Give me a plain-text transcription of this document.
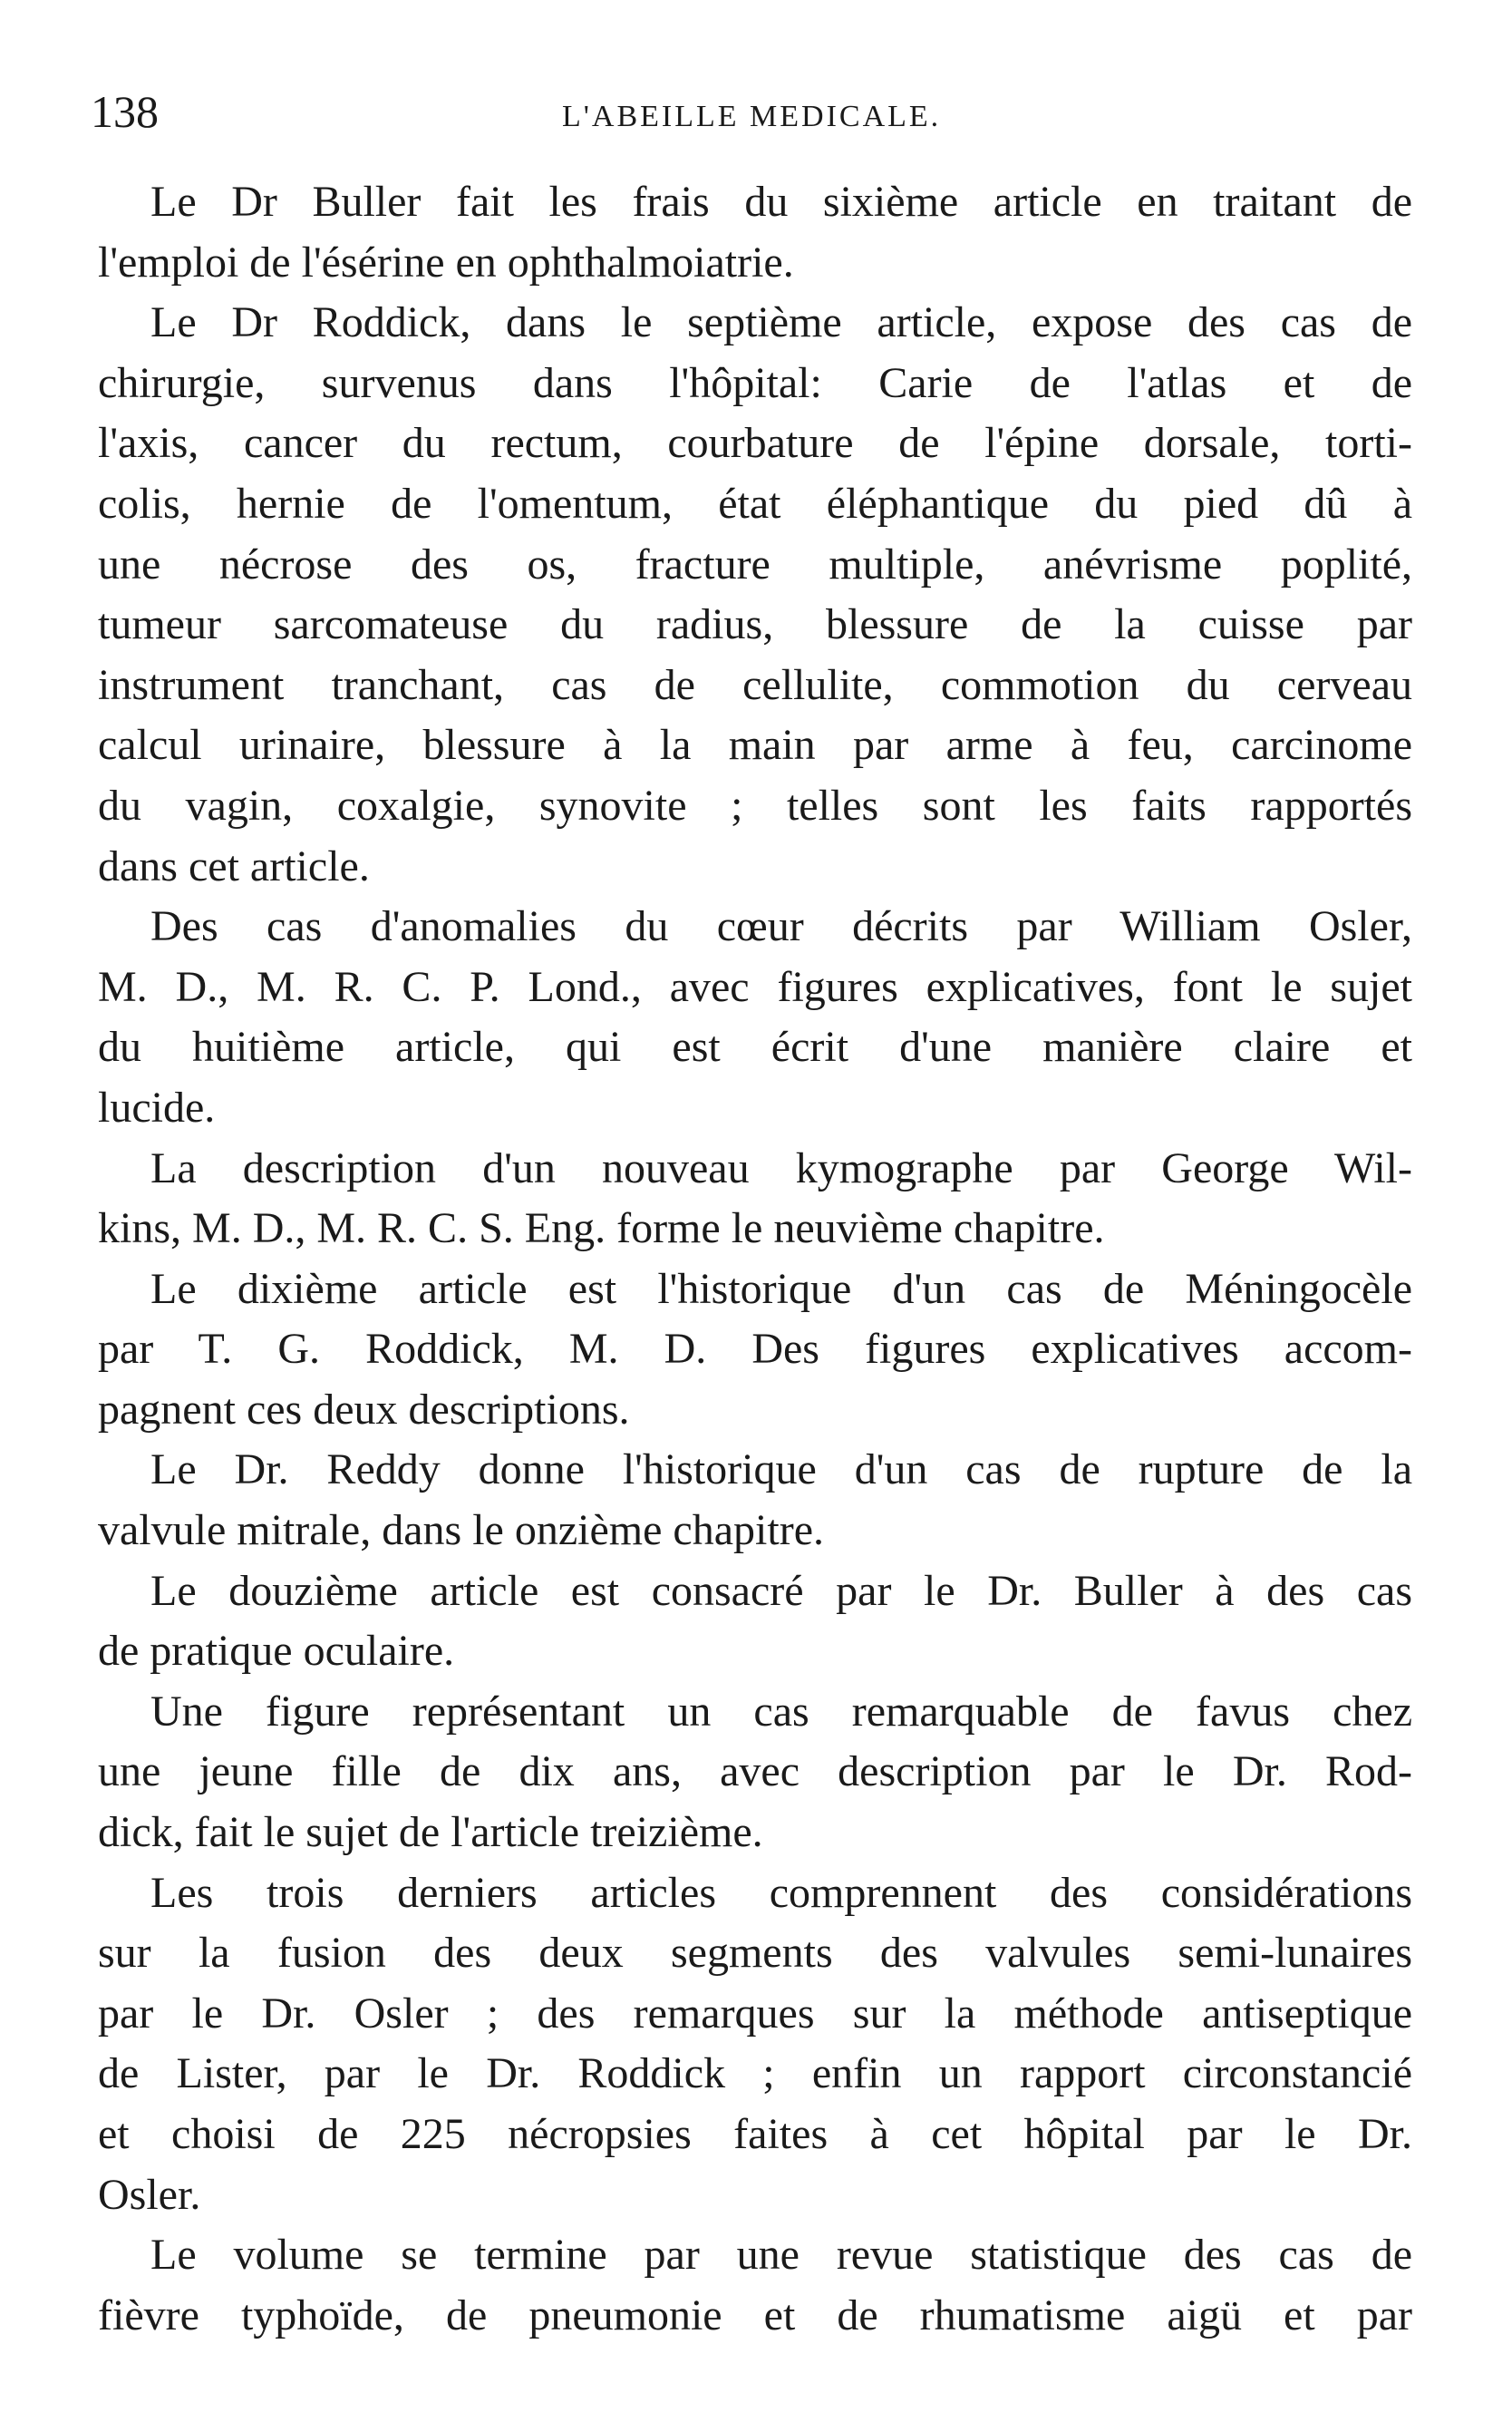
138	L'ABEILLE MEDICALE.
Le Dr Buller fait les frais du sixième article en traitant de
l'emploi de l'ésérine en ophthalmoiatrie.
Le Dr Roddick, dans le septième article, expose des cas de
chirurgie, survenus dans l'hôpital: Carie de l'atlas et de
l'axis, cancer du rectum, courbature de l'épine dorsale, torti-
colis, hernie de l'omentum, état éléphantique du pied dû à
une nécrose des os, fracture multiple, anévrisme poplité,
tumeur sarcomateuse du radius, blessure de la cuisse par
instrument tranchant, cas de cellulite, commotion du cerveau
calcul urinaire, blessure à la main par arme à feu, carcinome
du vagin, coxalgie, synovite ; telles sont les faits rapportés
dans cet article.
Des cas d'anomalies du cœur décrits par William Osler,
M. D., M. R. C. P. Lond., avec figures explicatives, font le sujet
du huitième article, qui est écrit d'une manière claire et
lucide.
La description d'un nouveau kymographe par George Wil-
kins, M. D., M. R. C. S. Eng. forme le neuvième chapitre.
Le dixième article est l'historique d'un cas de Méningocèle
par T. G. Roddick, M. D. Des figures explicatives accom-
pagnent ces deux descriptions.
Le Dr. Reddy donne l'historique d'un cas de rupture de la
valvule mitrale, dans le onzième chapitre.
Le douzième article est consacré par le Dr. Buller à des cas
de pratique oculaire.
Une figure représentant un cas remarquable de favus chez
une jeune fille de dix ans, avec description par le Dr. Rod-
dick, fait le sujet de l'article treizième.
Les trois derniers articles comprennent des considérations
sur la fusion des deux segments des valvules semi-lunaires
par le Dr. Osler ; des remarques sur la méthode antiseptique
de Lister, par le Dr. Roddick ; enfin un rapport circonstancié
et choisi de 225 nécropsies faites à cet hôpital par le Dr.
Osler.
Le volume se termine par une revue statistique des cas de
fièvre typhoïde, de pneumonie et de rhumatisme aigü et par
